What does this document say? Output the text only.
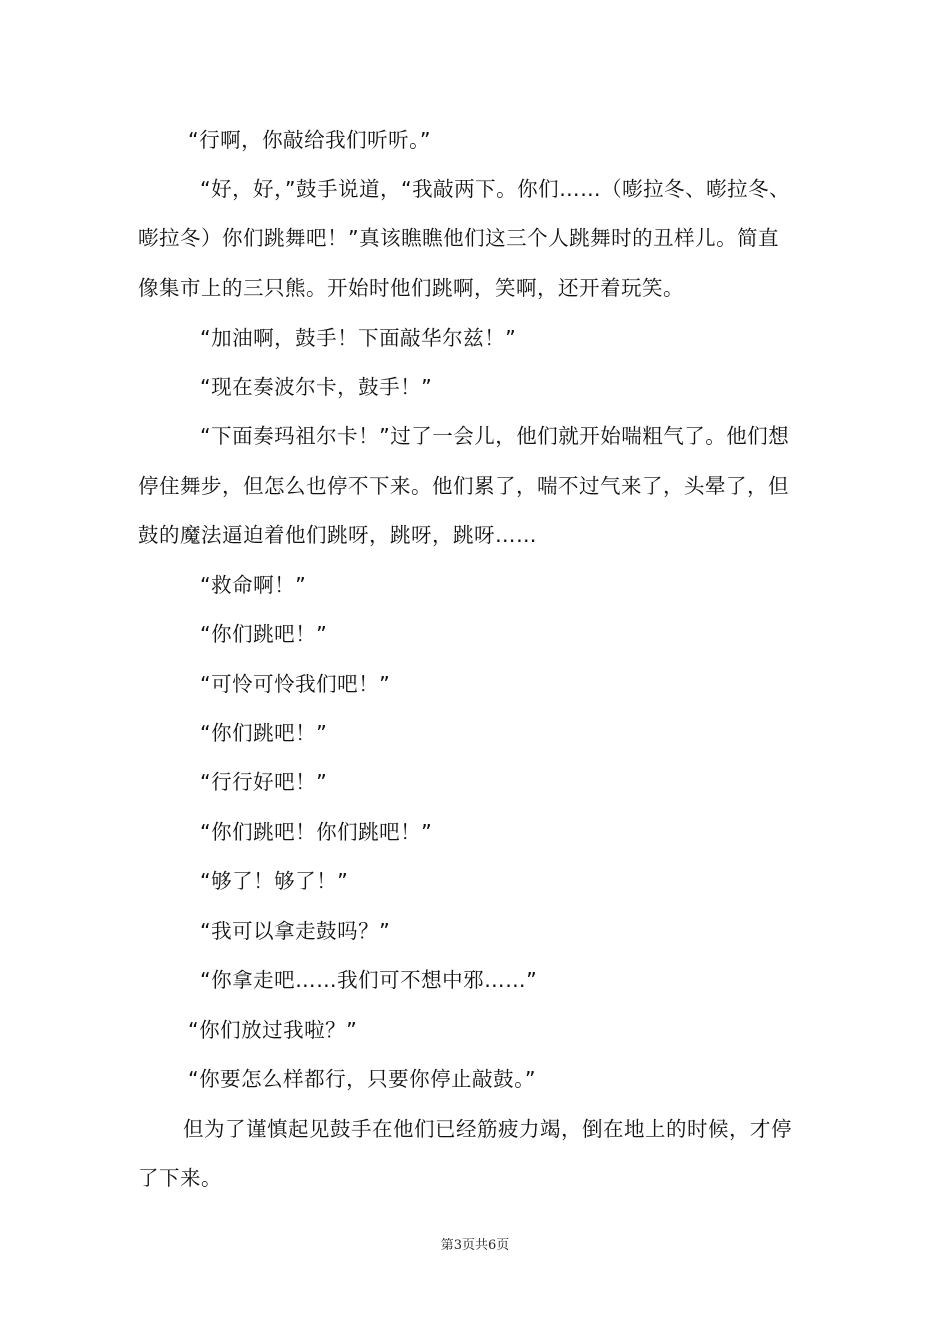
“行啊，你敲给我们听听。”
“好，好，”鼓手说道，“我敲两下。你们……（嘭拉冬、嘭拉冬、
嘭拉冬）你们跳舞吧！”真该瞧瞧他们这三个人跳舞时的丑样儿。简直
像集市上的三只熊。开始时他们跳啊，笑啊，还开着玩笑。
“加油啊，鼓手！下面敲华尔兹！”
“现在奏波尔卡，鼓手！”
“下面奏玛祖尔卡！”过了一会儿，他们就开始喘粗气了。他们想
停住舞步，但怎么也停不下来。他们累了，喘不过气来了，头晕了，但
鼓的魔法逼迫着他们跳呀，跳呀，跳呀……
“救命啊！”
“你们跳吧！”
“可怜可怜我们吧！”
“你们跳吧！”
“行行好吧！”
“你们跳吧！你们跳吧！”
“够了！够了！”
“我可以拿走鼓吗？”
“你拿走吧……我们可不想中邪……”
“你们放过我啦？”
“你要怎么样都行，只要你停止敲鼓。”
但为了谨慎起见鼓手在他们已经筋疲力竭，倒在地上的时候，才停
了下来。
第3页共6页
